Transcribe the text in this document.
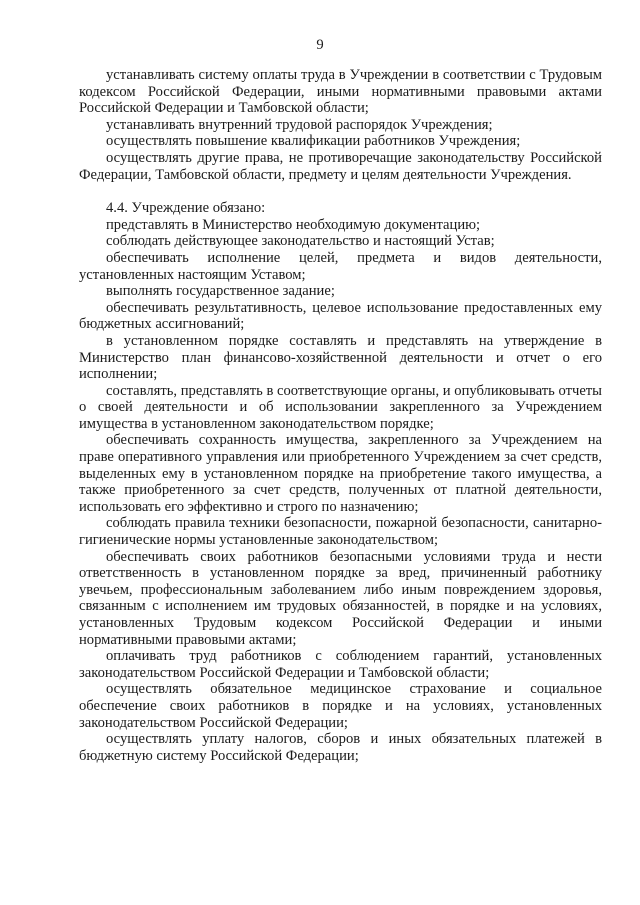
9

устанавливать систему оплаты труда в Учреждении в соответствии с Трудовым кодексом Российской Федерации, иными нормативными правовыми актами Российской Федерации и Тамбовской области;

устанавливать внутренний трудовой распорядок Учреждения;

осуществлять повышение квалификации работников Учреждения;

осуществлять другие права, не противоречащие законодательству Российской Федерации, Тамбовской области, предмету и целям деятельности Учреждения.

4.4. Учреждение обязано:

представлять в Министерство необходимую документацию;

соблюдать действующее законодательство и настоящий Устав;

обеспечивать исполнение целей, предмета и видов деятельности, установленных настоящим Уставом;

выполнять государственное задание;

обеспечивать результативность, целевое использование предоставленных ему бюджетных ассигнований;

в установленном порядке составлять и представлять на утверждение в Министерство план финансово-хозяйственной деятельности и отчет о его исполнении;

составлять, представлять в соответствующие органы, и опубликовывать отчеты о своей деятельности и об использовании закрепленного за Учреждением имущества в установленном законодательством порядке;

обеспечивать сохранность имущества, закрепленного за Учреждением на праве оперативного управления или приобретенного Учреждением за счет средств, выделенных ему в установленном порядке на приобретение такого имущества, а также приобретенного за счет средств, полученных от платной деятельности, использовать его эффективно и строго по назначению;

соблюдать правила техники безопасности, пожарной безопасности, санитарно-гигиенические нормы установленные законодательством;

обеспечивать своих работников безопасными условиями труда и нести ответственность в установленном порядке за вред, причиненный работнику увечьем, профессиональным заболеванием либо иным повреждением здоровья, связанным с исполнением им трудовых обязанностей, в порядке и на условиях, установленных Трудовым кодексом Российской Федерации и иными нормативными правовыми актами;

оплачивать труд работников с соблюдением гарантий, установленных законодательством Российской Федерации и Тамбовской области;

осуществлять обязательное медицинское страхование и социальное обеспечение своих работников в порядке и на условиях, установленных законодательством Российской Федерации;

осуществлять уплату налогов, сборов и иных обязательных платежей в бюджетную систему Российской Федерации;
